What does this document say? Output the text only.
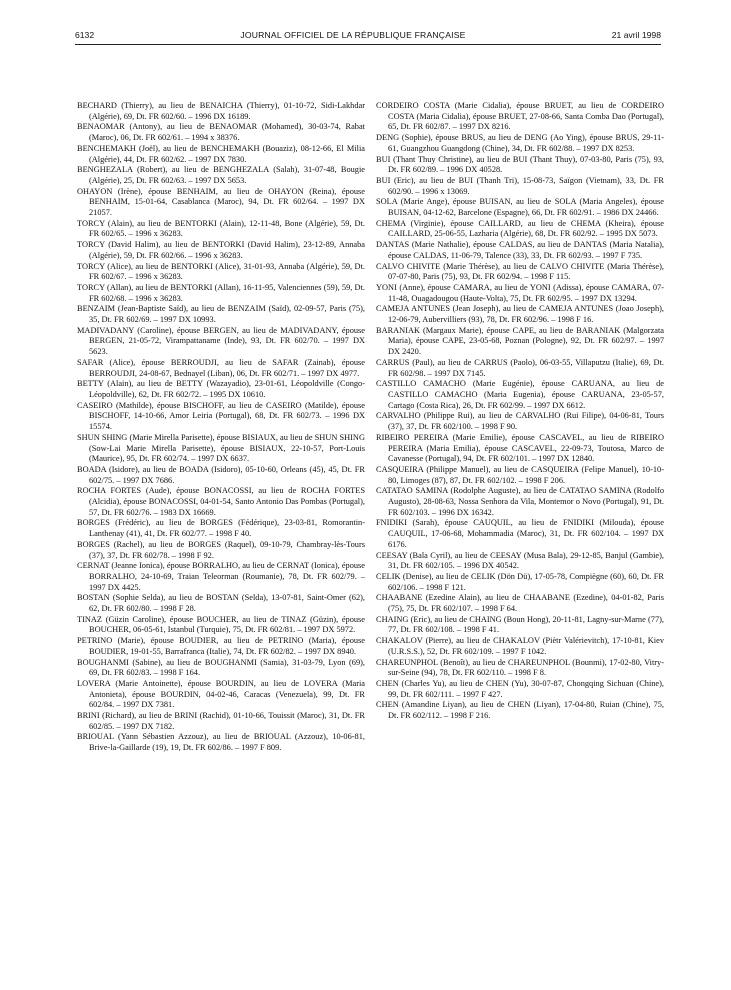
6132	JOURNAL OFFICIEL DE LA RÉPUBLIQUE FRANÇAISE	21 avril 1998

BECHARD (Thierry), au lieu de BENAICHA (Thierry), 01-10-72, Sidi-Lakhdar (Algérie), 69, Dt. FR 602/60. – 1996 DX 16189.

BENAOMAR (Antony), au lieu de BENAOMAR (Mohamed), 30-03-74, Rabat (Maroc), 06, Dt. FR 602/61. – 1994 x 38376.

BENCHEMAKH (Joël), au lieu de BENCHEMAKH (Bouaziz), 08-12-66, El Milia (Algérie), 44, Dt. FR 602/62. – 1997 DX 7830.

BENGHEZALA (Robert), au lieu de BENGHEZALA (Salah), 31-07-48, Bougie (Algérie), 25, Dt. FR 602/63. – 1997 DX 5653.

OHAYON (Irène), épouse BENHAIM, au lieu de OHAYON (Reina), épouse BENHAIM, 15-01-64, Casablanca (Maroc), 94, Dt. FR 602/64. – 1997 DX 21057.

TORCY (Alain), au lieu de BENTORKI (Alain), 12-11-48, Bone (Algérie), 59, Dt. FR 602/65. – 1996 x 36283.

TORCY (David Halim), au lieu de BENTORKI (David Halim), 23-12-89, Annaba (Algérie), 59, Dt. FR 602/66. – 1996 x 36283.

TORCY (Alice), au lieu de BENTORKI (Alice), 31-01-93, Annaba (Algérie), 59, Dt. FR 602/67. – 1996 x 36283.

TORCY (Allan), au lieu de BENTORKI (Allan), 16-11-95, Valenciennes (59), 59, Dt. FR 602/68. – 1996 x 36283.

BENZAIM (Jean-Baptiste Saïd), au lieu de BENZAIM (Saïd), 02-09-57, Paris (75), 35, Dt. FR 602/69. – 1997 DX 10993.

MADIVADANY (Caroline), épouse BERGEN, au lieu de MADIVADANY, épouse BERGEN, 21-05-72, Virampattaname (Inde), 93, Dt. FR 602/70. – 1997 DX 5623.

SAFAR (Alice), épouse BERROUDJI, au lieu de SAFAR (Zainab), épouse BERROUDJI, 24-08-67, Bednayel (Liban), 06, Dt. FR 602/71. – 1997 DX 4977.

BETTY (Alain), au lieu de BETTY (Wazayadio), 23-01-61, Léopoldville (Congo-Léopoldville), 62, Dt. FR 602/72. – 1995 DX 10610.

CASEIRO (Mathilde), épouse BISCHOFF, au lieu de CASEIRO (Matilde), épouse BISCHOFF, 14-10-66, Amor Leiria (Portugal), 68, Dt. FR 602/73. – 1996 DX 15574.

SHUN SHING (Marie Mirella Parisette), épouse BISIAUX, au lieu de SHUN SHING (Sow-Lai Marie Mirella Parisette), épouse BISIAUX, 22-10-57, Port-Louis (Maurice), 95, Dt. FR 602/74. – 1997 DX 6637.

BOADA (Isidore), au lieu de BOADA (Isidoro), 05-10-60, Orleans (45), 45, Dt. FR 602/75. – 1997 DX 7686.

ROCHA FORTES (Aude), épouse BONACOSSI, au lieu de ROCHA FORTES (Alcidia), épouse BONACOSSI, 04-01-54, Santo Antonio Das Pombas (Portugal), 57, Dt. FR 602/76. – 1983 DX 16669.

BORGES (Frédéric), au lieu de BORGES (Fédérique), 23-03-81, Romorantin-Lanthenay (41), 41, Dt. FR 602/77. – 1998 F 40.

BORGES (Rachel), au lieu de BORGES (Raquel), 09-10-79, Chambray-lès-Tours (37), 37, Dt. FR 602/78. – 1998 F 92.

CERNAT (Jeanne Ionica), épouse BORRALHO, au lieu de CERNAT (Ionica), épouse BORRALHO, 24-10-69, Traian Teleorman (Roumanie), 78, Dt. FR 602/79. – 1997 DX 4425.

BOSTAN (Sophie Selda), au lieu de BOSTAN (Selda), 13-07-81, Saint-Omer (62), 62, Dt. FR 602/80. – 1998 F 28.

TINAZ (Güzin Caroline), épouse BOUCHER, au lieu de TINAZ (Güzin), épouse BOUCHER, 06-05-61, Istanbul (Turquie), 75, Dt. FR 602/81. – 1997 DX 5972.

PETRINO (Marie), épouse BOUDIER, au lieu de PETRINO (Maria), épouse BOUDIER, 19-01-55, Barrafranca (Italie), 74, Dt. FR 602/82. – 1997 DX 8940.

BOUGHANMI (Sabine), au lieu de BOUGHANMI (Samia), 31-03-79, Lyon (69), 69, Dt. FR 602/83. – 1998 F 164.

LOVERA (Marie Antoinette), épouse BOURDIN, au lieu de LOVERA (Maria Antonieta), épouse BOURDIN, 04-02-46, Caracas (Venezuela), 99, Dt. FR 602/84. – 1997 DX 7381.

BRINI (Richard), au lieu de BRINI (Rachid), 01-10-66, Touissit (Maroc), 31, Dt. FR 602/85. – 1997 DX 7182.

BRIOUAL (Yann Sébastien Azzouz), au lieu de BRIOUAL (Azzouz), 10-06-81, Brive-la-Gaillarde (19), 19, Dt. FR 602/86. – 1997 F 809.

CORDEIRO COSTA (Marie Cidalia), épouse BRUET, au lieu de CORDEIRO COSTA (Maria Cidalia), épouse BRUET, 27-08-66, Santa Comba Dao (Portugal), 65, Dt. FR 602/87. – 1997 DX 8216.

DENG (Sophie), épouse BRUS, au lieu de DENG (Ao Ying), épouse BRUS, 29-11-61, Guangzhou Guangdong (Chine), 34, Dt. FR 602/88. – 1997 DX 8253.

BUI (Thant Thuy Christine), au lieu de BUI (Thant Thuy), 07-03-80, Paris (75), 93, Dt. FR 602/89. – 1996 DX 40528.

BUI (Eric), au lieu de BUI (Thanh Tri), 15-08-73, Saïgon (Vietnam), 33, Dt. FR 602/90. – 1996 x 13069.

SOLA (Marie Ange), épouse BUISAN, au lieu de SOLA (Maria Angeles), épouse BUISAN, 04-12-62, Barcelone (Espagne), 66, Dt. FR 602/91. – 1986 DX 24466.

CHEMA (Virginie), épouse CAILLARD, au lieu de CHEMA (Kheira), épouse CAILLARD, 25-06-55, Lazharia (Algérie), 68, Dt. FR 602/92. – 1995 DX 5073.

DANTAS (Marie Nathalie), épouse CALDAS, au lieu de DANTAS (Maria Natalia), épouse CALDAS, 11-06-79, Talence (33), 33, Dt. FR 602/93. – 1997 F 735.

CALVO CHIVITE (Marie Thérèse), au lieu de CALVO CHIVITE (Maria Thérèse), 07-07-80, Paris (75), 93, Dt. FR 602/94. – 1998 F 115.

YONI (Anne), épouse CAMARA, au lieu de YONI (Adissa), épouse CAMARA, 07-11-48, Ouagadougou (Haute-Volta), 75, Dt. FR 602/95. – 1997 DX 13294.

CAMEJA ANTUNES (Jean Joseph), au lieu de CAMEJA ANTUNES (Joao Joseph), 12-06-79, Aubervilliers (93), 78, Dt. FR 602/96. – 1998 F 16.

BARANIAK (Margaux Marie), épouse CAPE, au lieu de BARANIAK (Malgorzata Maria), épouse CAPE, 23-05-68, Poznan (Pologne), 92, Dt. FR 602/97. – 1997 DX 2420.

CARRUS (Paul), au lieu de CARRUS (Paolo), 06-03-55, Villaputzu (Italie), 69, Dt. FR 602/98. – 1997 DX 7145.

CASTILLO CAMACHO (Marie Eugénie), épouse CARUANA, au lieu de CASTILLO CAMACHO (Maria Eugenia), épouse CARUANA, 23-05-57, Cartago (Costa Rica), 26, Dt. FR 602/99. – 1997 DX 6612.

CARVALHO (Philippe Rui), au lieu de CARVALHO (Rui Filipe), 04-06-81, Tours (37), 37, Dt. FR 602/100. – 1998 F 90.

RIBEIRO PEREIRA (Marie Emilie), épouse CASCAVEL, au lieu de RIBEIRO PEREIRA (Maria Emilia), épouse CASCAVEL, 22-09-73, Toutosa, Marco de Cavanesse (Portugal), 94, Dt. FR 602/101. – 1997 DX 12840.

CASQUEIRA (Philippe Manuel), au lieu de CASQUEIRA (Felipe Manuel), 10-10-80, Limoges (87), 87, Dt. FR 602/102. – 1998 F 206.

CATATAO SAMINA (Rodolphe Auguste), au lieu de CATATAO SAMINA (Rodolfo Augusto), 28-08-63, Nossa Senhora da Vila, Montemor o Novo (Portugal), 91, Dt. FR 602/103. – 1996 DX 16342.

FNIDIKI (Sarah), épouse CAUQUIL, au lieu de FNIDIKI (Milouda), épouse CAUQUIL, 17-06-68, Mohammadia (Maroc), 31, Dt. FR 602/104. – 1997 DX 6176.

CEESAY (Bala Cyril), au lieu de CEESAY (Musa Bala), 29-12-85, Banjul (Gambie), 31, Dt. FR 602/105. – 1996 DX 40542.

CELIK (Denise), au lieu de CELIK (Dön Dü), 17-05-78, Compiègne (60), 60, Dt. FR 602/106. – 1998 F 121.

CHAABANE (Ezedine Alain), au lieu de CHAABANE (Ezedine), 04-01-82, Paris (75), 75, Dt. FR 602/107. – 1998 F 64.

CHAING (Eric), au lieu de CHAING (Boun Hong), 20-11-81, Lagny-sur-Marne (77), 77, Dt. FR 602/108. – 1998 F 41.

CHAKALOV (Pierre), au lieu de CHAKALOV (Piètr Valérievitch), 17-10-81, Kiev (U.R.S.S.), 52, Dt. FR 602/109. – 1997 F 1042.

CHAREUNPHOL (Benoît), au lieu de CHAREUNPHOL (Bounmi), 17-02-80, Vitry-sur-Seine (94), 78, Dt. FR 602/110. – 1998 F 8.

CHEN (Charles Yu), au lieu de CHEN (Yu), 30-07-87, Chongqing Sichuan (Chine), 99, Dt. FR 602/111. – 1997 F 427.

CHEN (Amandine Liyan), au lieu de CHEN (Liyan), 17-04-80, Ruian (Chine), 75, Dt. FR 602/112. – 1998 F 216.
